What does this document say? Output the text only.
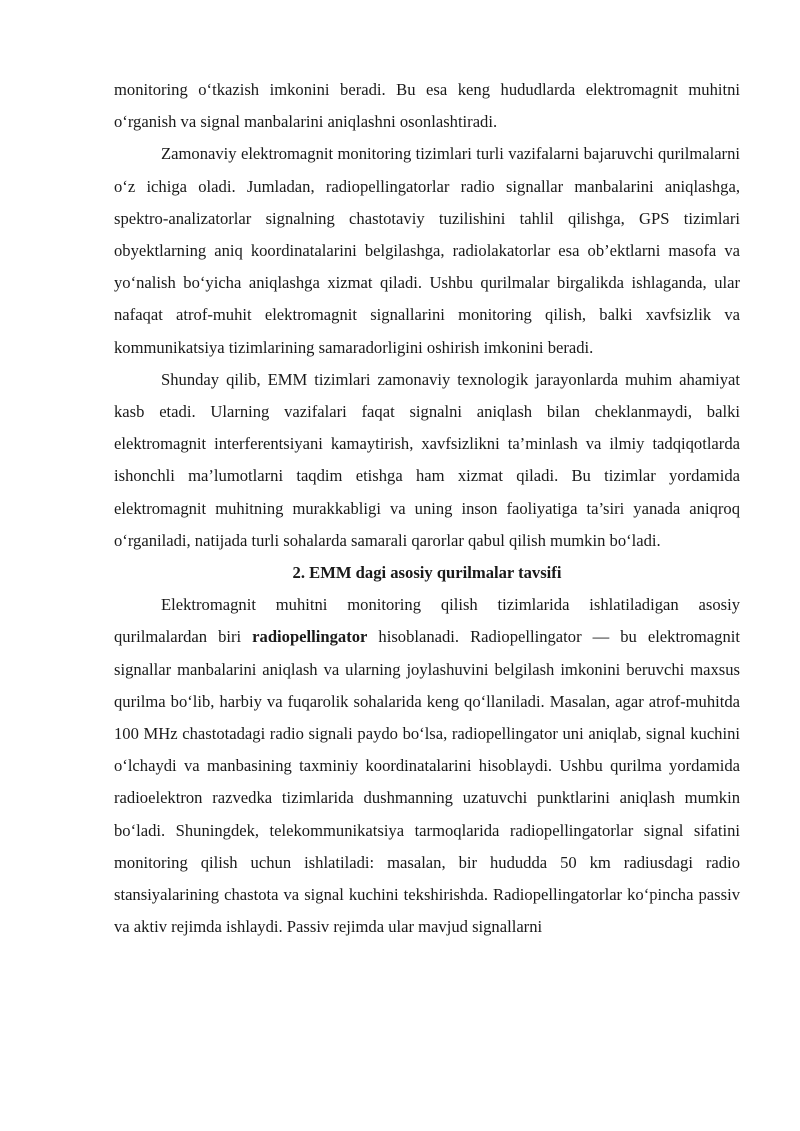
monitoring o‘tkazish imkonini beradi. Bu esa keng hududlarda elektromagnit muhitni o‘rganish va signal manbalarini aniqlashni osonlashtiradi.

Zamonaviy elektromagnit monitoring tizimlari turli vazifalarni bajaruvchi qurilmalarni o‘z ichiga oladi. Jumladan, radiopellingatorlar radio signallar manbalarini aniqlashga, spektro-analizatorlar signalning chastotaviy tuzilishini tahlil qilishga, GPS tizimlari obyektlarning aniq koordinatalarini belgilashga, radiolakatorlar esa ob’ektlarni masofa va yo‘nalish bo‘yicha aniqlashga xizmat qiladi. Ushbu qurilmalar birgalikda ishlaganda, ular nafaqat atrof-muhit elektromagnit signallarini monitoring qilish, balki xavfsizlik va kommunikatsiya tizimlarining samaradorligini oshirish imkonini beradi.

Shunday qilib, EMM tizimlari zamonaviy texnologik jarayonlarda muhim ahamiyat kasb etadi. Ularning vazifalari faqat signalni aniqlash bilan cheklanmaydi, balki elektromagnit interferentsiyani kamaytirish, xavfsizlikni ta’minlash va ilmiy tadqiqotlarda ishonchli ma’lumotlarni taqdim etishga ham xizmat qiladi. Bu tizimlar yordamida elektromagnit muhitning murakkabligi va uning inson faoliyatiga ta’siri yanada aniqroq o‘rganiladi, natijada turli sohalarda samarali qarorlar qabul qilish mumkin bo‘ladi.

2. EMM dagi asosiy qurilmalar tavsifi

Elektromagnit muhitni monitoring qilish tizimlarida ishlatiladigan asosiy qurilmalardan biri radiopellingator hisoblanadi. Radiopellingator — bu elektromagnit signallar manbalarini aniqlash va ularning joylashuvini belgilash imkonini beruvchi maxsus qurilma bo‘lib, harbiy va fuqarolik sohalarida keng qo‘llaniladi. Masalan, agar atrof-muhitda 100 MHz chastotadagi radio signali paydo bo‘lsa, radiopellingator uni aniqlab, signal kuchini o‘lchaydi va manbasining taxminiy koordinatalarini hisoblaydi. Ushbu qurilma yordamida radioelektron razvedka tizimlarida dushmanning uzatuvchi punktlarini aniqlash mumkin bo‘ladi. Shuningdek, telekommunikatsiya tarmoqlarida radiopellingatorlar signal sifatini monitoring qilish uchun ishlatiladi: masalan, bir hududda 50 km radiusdagi radio stansiyalarining chastota va signal kuchini tekshirishda. Radiopellingatorlar ko‘pincha passiv va aktiv rejimda ishlaydi. Passiv rejimda ular mavjud signallarni
